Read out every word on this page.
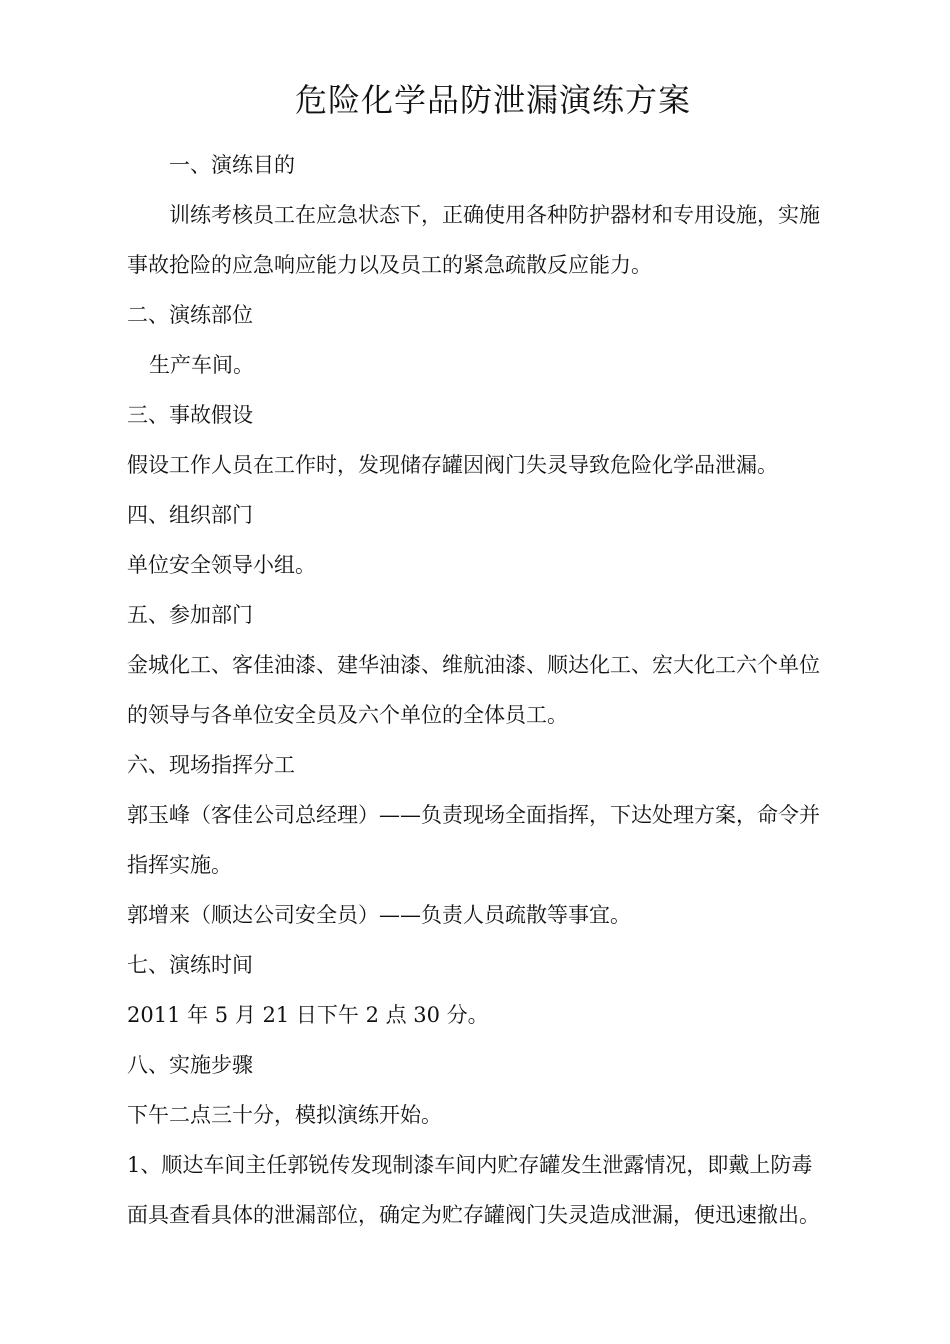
危险化学品防泄漏演练方案
一、演练目的
训练考核员工在应急状态下，正确使用各种防护器材和专用设施，实施
事故抢险的应急响应能力以及员工的紧急疏散反应能力。
二、演练部位
生产车间。
三、事故假设
假设工作人员在工作时，发现储存罐因阀门失灵导致危险化学品泄漏。
四、组织部门
单位安全领导小组。
五、参加部门
金城化工、客佳油漆、建华油漆、维航油漆、顺达化工、宏大化工六个单位
的领导与各单位安全员及六个单位的全体员工。
六、现场指挥分工
郭玉峰（客佳公司总经理）——负责现场全面指挥，下达处理方案，命令并
指挥实施。
郭增来（顺达公司安全员）——负责人员疏散等事宜。
七、演练时间
2011 年 5 月 21 日下午 2 点 30 分。
八、实施步骤
下午二点三十分，模拟演练开始。
1、顺达车间主任郭锐传发现制漆车间内贮存罐发生泄露情况，即戴上防毒
面具查看具体的泄漏部位，确定为贮存罐阀门失灵造成泄漏，便迅速撤出。
